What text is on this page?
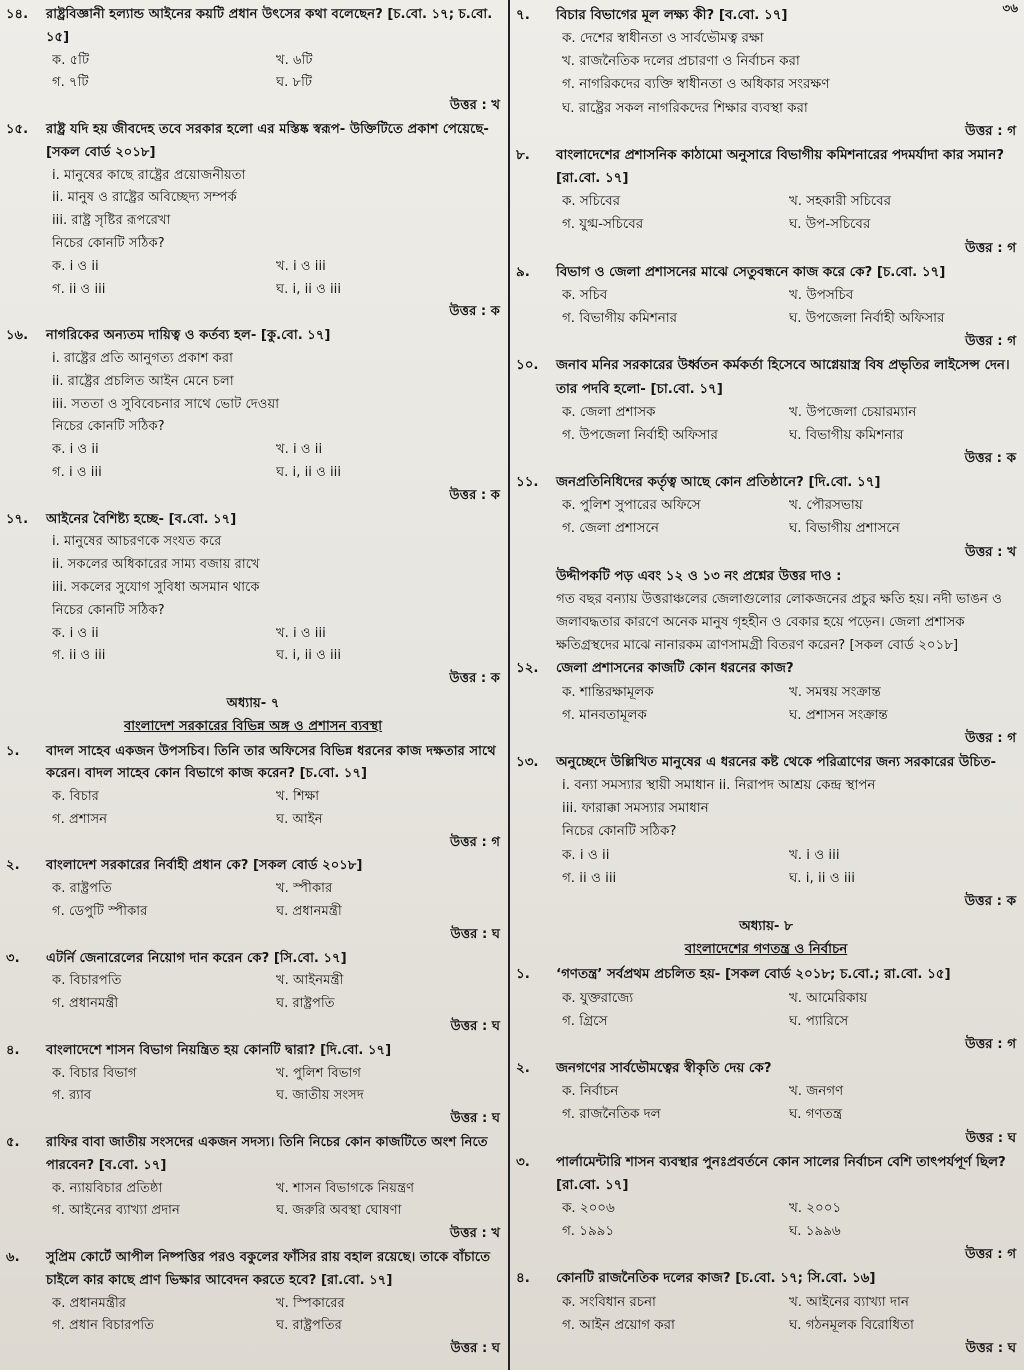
৩৬
১৪.	রাষ্ট্রবিজ্ঞানী হল্যান্ড আইনের কয়টি প্রধান উৎসের কথা বলেছেন? [চ.বো. ১৭; চ.বো. ১৫]
ক. ৫টি	খ. ৬টি
গ. ৭টি	ঘ. ৮টি
উত্তর : খ
১৫.	রাষ্ট্র যদি হয় জীবদেহ তবে সরকার হলো এর মস্তিষ্ক স্বরূপ- উক্তিটিতে প্রকাশ পেয়েছে- [সকল বোর্ড ২০১৮]
i. মানুষের কাছে রাষ্ট্রের প্রয়োজনীয়তা
ii. মানুষ ও রাষ্ট্রের অবিচ্ছেদ্য সম্পর্ক
iii. রাষ্ট্র সৃষ্টির রূপরেখা
নিচের কোনটি সঠিক?
ক. i ও ii	খ. i ও iii
গ. ii ও iii	ঘ. i, ii ও iii
উত্তর : ক
১৬.	নাগরিকের অন্যতম দায়িত্ব ও কর্তব্য হল- [কু.বো. ১৭]
i. রাষ্ট্রের প্রতি আনুগত্য প্রকাশ করা
ii. রাষ্ট্রের প্রচলিত আইন মেনে চলা
iii. সততা ও সুবিবেচনার সাথে ভোট দেওয়া
নিচের কোনটি সঠিক?
ক. i ও ii	খ. i ও ii
গ. i ও iii	ঘ. i, ii ও iii
উত্তর : ক
১৭.	আইনের বৈশিষ্ট্য হচ্ছে- [ব.বো. ১৭]
i. মানুষের আচরণকে সংযত করে
ii. সকলের অধিকারের সাম্য বজায় রাখে
iii. সকলের সুযোগ সুবিধা অসমান থাকে
নিচের কোনটি সঠিক?
ক. i ও ii	খ. i ও iii
গ. ii ও iii	ঘ. i, ii ও iii
উত্তর : ক
অধ্যায়- ৭
বাংলাদেশ সরকারের বিভিন্ন অঙ্গ ও প্রশাসন ব্যবস্থা
১.	বাদল সাহেব একজন উপসচিব। তিনি তার অফিসের বিভিন্ন ধরনের কাজ দক্ষতার সাথে করেন। বাদল সাহেব কোন বিভাগে কাজ করেন? [চ.বো. ১৭]
ক. বিচার	খ. শিক্ষা
গ. প্রশাসন	ঘ. আইন
উত্তর : গ
২.	বাংলাদেশ সরকারের নির্বাহী প্রধান কে? [সকল বোর্ড ২০১৮]
ক. রাষ্ট্রপতি	খ. স্পীকার
গ. ডেপুটি স্পীকার	ঘ. প্রধানমন্ত্রী
উত্তর : ঘ
৩.	এটর্নি জেনারেলের নিয়োগ দান করেন কে? [সি.বো. ১৭]
ক. বিচারপতি	খ. আইনমন্ত্রী
গ. প্রধানমন্ত্রী	ঘ. রাষ্ট্রপতি
উত্তর : ঘ
৪.	বাংলাদেশে শাসন বিভাগ নিয়ন্ত্রিত হয় কোনটি দ্বারা? [দি.বো. ১৭]
ক. বিচার বিভাগ	খ. পুলিশ বিভাগ
গ. র‍্যাব	ঘ. জাতীয় সংসদ
উত্তর : ঘ
৫.	রাফির বাবা জাতীয় সংসদের একজন সদস্য। তিনি নিচের কোন কাজটিতে অংশ নিতে পারবেন? [ব.বো. ১৭]
ক. ন্যায়বিচার প্রতিষ্ঠা	খ. শাসন বিভাগকে নিয়ন্ত্রণ
গ. আইনের ব্যাখ্যা প্রদান	ঘ. জরুরি অবস্থা ঘোষণা
উত্তর : খ
৬.	সুপ্রিম কোর্টে আপীল নিষ্পত্তির পরও বকুলের ফাঁসির রায় বহাল রয়েছে। তাকে বাঁচাতে চাইলে কার কাছে প্রাণ ভিক্ষার আবেদন করতে হবে? [রা.বো. ১৭]
ক. প্রধানমন্ত্রীর	খ. স্পিকারের
গ. প্রধান বিচারপতি	ঘ. রাষ্ট্রপতির
উত্তর : ঘ
৭.	বিচার বিভাগের মূল লক্ষ্য কী? [ব.বো. ১৭]
ক. দেশের স্বাধীনতা ও সার্বভৌমত্ব রক্ষা
খ. রাজনৈতিক দলের প্রচারণা ও নির্বাচন করা
গ. নাগরিকদের ব্যক্তি স্বাধীনতা ও অধিকার সংরক্ষণ
ঘ. রাষ্ট্রের সকল নাগরিকদের শিক্ষার ব্যবস্থা করা
উত্তর : গ
৮.	বাংলাদেশের প্রশাসনিক কাঠামো অনুসারে বিভাগীয় কমিশনারের পদমর্যাদা কার সমান? [রা.বো. ১৭]
ক. সচিবের	খ. সহকারী সচিবের
গ. যুগ্ম-সচিবের	ঘ. উপ-সচিবের
উত্তর : গ
৯.	বিভাগ ও জেলা প্রশাসনের মাঝে সেতুবন্ধনে কাজ করে কে? [চ.বো. ১৭]
ক. সচিব	খ. উপসচিব
গ. বিভাগীয় কমিশনার	ঘ. উপজেলা নির্বাহী অফিসার
উত্তর : গ
১০.	জনাব মনির সরকারের উর্ধ্বতন কর্মকর্তা হিসেবে আগ্নেয়াস্ত্র বিষ প্রভৃতির লাইসেন্স দেন। তার পদবি হলো- [চা.বো. ১৭]
ক. জেলা প্রশাসক	খ. উপজেলা চেয়ারম্যান
গ. উপজেলা নির্বাহী অফিসার	ঘ. বিভাগীয় কমিশনার
উত্তর : ক
১১.	জনপ্রতিনিধিদের কর্তৃত্ব আছে কোন প্রতিষ্ঠানে? [দি.বো. ১৭]
ক. পুলিশ সুপারের অফিসে	খ. পৌরসভায়
গ. জেলা প্রশাসনে	ঘ. বিভাগীয় প্রশাসনে
উত্তর : খ
উদ্দীপকটি পড় এবং ১২ ও ১৩ নং প্রশ্নের উত্তর দাও :
গত বছর বন্যায় উত্তরাঞ্চলের জেলাগুলোর লোকজনের প্রচুর ক্ষতি হয়। নদী ভাঙন ও জলাবদ্ধতার কারণে অনেক মানুষ গৃহহীন ও বেকার হয়ে পড়েন। জেলা প্রশাসক ক্ষতিগ্রস্থদের মাঝে নানারকম ত্রাণসামগ্রী বিতরণ করেন? [সকল বোর্ড ২০১৮]
১২.	জেলা প্রশাসনের কাজটি কোন ধরনের কাজ?
ক. শান্তিরক্ষামূলক	খ. সমন্বয় সংক্রান্ত
গ. মানবতামূলক	ঘ. প্রশাসন সংক্রান্ত
উত্তর : গ
১৩.	অনুচ্ছেদে উল্লিখিত মানুষের এ ধরনের কষ্ট থেকে পরিত্রাণের জন্য সরকারের উচিত-
i. বন্যা সমস্যার স্থায়ী সমাধান ii. নিরাপদ আশ্রয় কেন্দ্র স্থাপন
iii. ফারাক্কা সমস্যার সমাধান
নিচের কোনটি সঠিক?
ক. i ও ii	খ. i ও iii
গ. ii ও iii	ঘ. i, ii ও iii
উত্তর : ক
অধ্যায়- ৮
বাংলাদেশের গণতন্ত্র ও নির্বাচন
১.	‘গণতন্ত্র’ সর্বপ্রথম প্রচলিত হয়- [সকল বোর্ড ২০১৮; চ.বো.; রা.বো. ১৫]
ক. যুক্তরাজ্যে	খ. আমেরিকায়
গ. গ্রিসে	ঘ. প্যারিসে
উত্তর : গ
২.	জনগণের সার্বভৌমত্বের স্বীকৃতি দেয় কে?
ক. নির্বাচন	খ. জনগণ
গ. রাজনৈতিক দল	ঘ. গণতন্ত্র
উত্তর : ঘ
৩.	পার্লামেন্টারি শাসন ব্যবস্থার পুনঃপ্রবর্তনে কোন সালের নির্বাচন বেশি তাৎপর্যপূর্ণ ছিল? [রা.বো. ১৭]
ক. ২০০৬	খ. ২০০১
গ. ১৯৯১	ঘ. ১৯৯৬
উত্তর : গ
৪.	কোনটি রাজনৈতিক দলের কাজ? [চ.বো. ১৭; সি.বো. ১৬]
ক. সংবিধান রচনা	খ. আইনের ব্যাখ্যা দান
গ. আইন প্রয়োগ করা	ঘ. গঠনমূলক বিরোধিতা
উত্তর : ঘ
